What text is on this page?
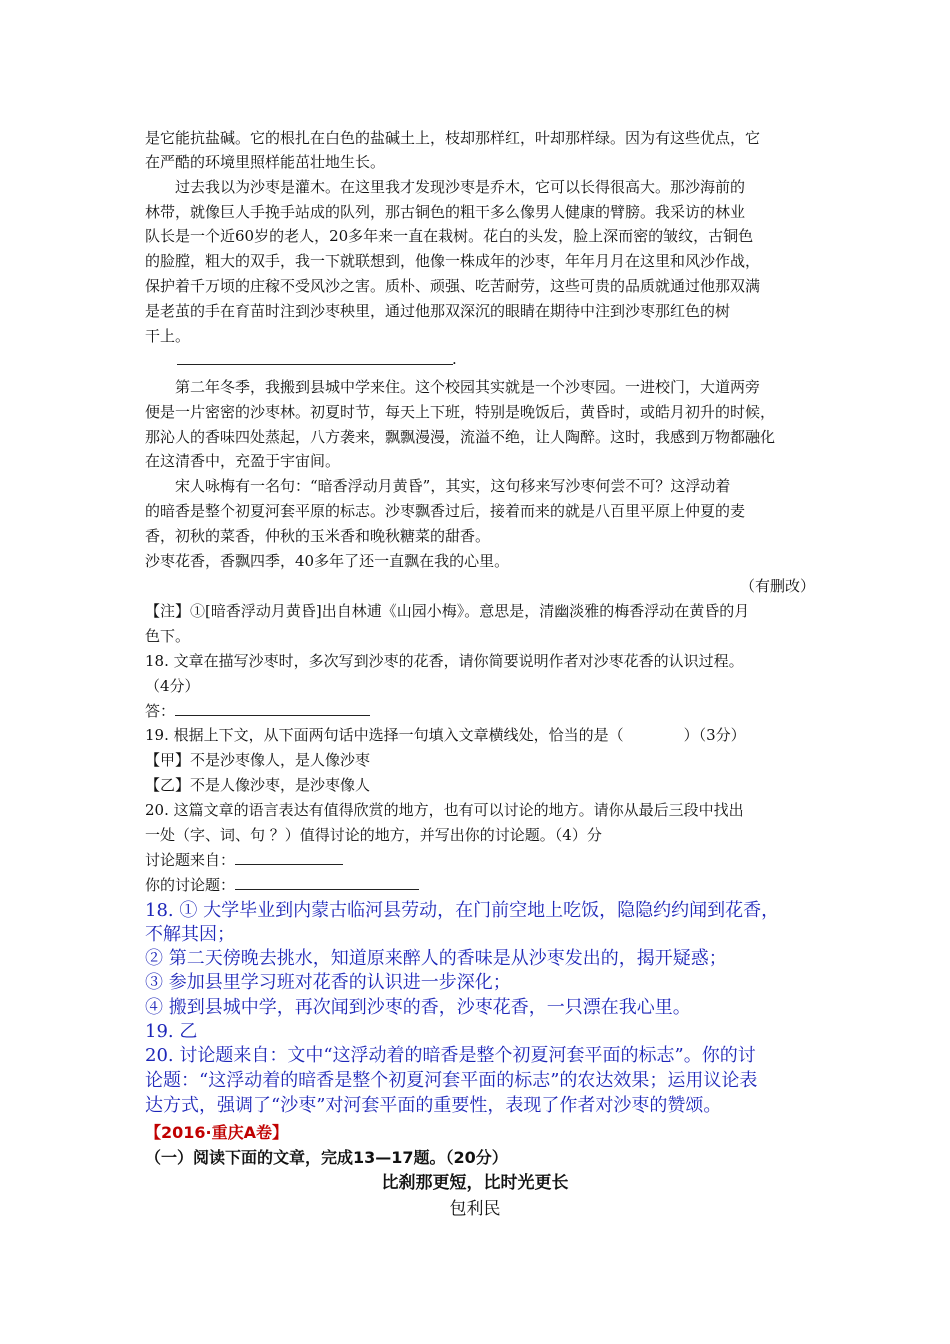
是它能抗盐碱。它的根扎在白色的盐碱土上，枝却那样红，叶却那样绿。因为有这些优点，它
在严酷的环境里照样能茁壮地生长。
过去我以为沙枣是灌木。在这里我才发现沙枣是乔木，它可以长得很高大。那沙海前的
林带，就像巨人手挽手站成的队列，那古铜色的粗干多么像男人健康的臂膀。我采访的林业
队长是一个近60岁的老人，20多年来一直在栽树。花白的头发，脸上深而密的皱纹，古铜色
的脸膛，粗大的双手，我一下就联想到，他像一株成年的沙枣，年年月月在这里和风沙作战，
保护着千万顷的庄稼不受风沙之害。质朴、顽强、吃苦耐劳，这些可贵的品质就通过他那双满
是老茧的手在育苗时注到沙枣秧里，通过他那双深沉的眼睛在期待中注到沙枣那红色的树
干上。
.
第二年冬季，我搬到县城中学来住。这个校园其实就是一个沙枣园。一进校门，大道两旁
便是一片密密的沙枣林。初夏时节，每天上下班，特别是晚饭后，黄昏时，或皓月初升的时候，
那沁人的香味四处蒸起，八方袭来，飘飘漫漫，流溢不绝，让人陶醉。这时，我感到万物都融化
在这清香中，充盈于宇宙间。
宋人咏梅有一名句：“暗香浮动月黄昏”，其实，这句移来写沙枣何尝不可？这浮动着
的暗香是整个初夏河套平原的标志。沙枣飘香过后，接着而来的就是八百里平原上仲夏的麦
香，初秋的菜香，仲秋的玉米香和晚秋糖菜的甜香。
沙枣花香，香飘四季，40多年了还一直飘在我的心里。
（有删改）
【注】①[暗香浮动月黄昏]出自林逋《山园小梅》。意思是，清幽淡雅的梅香浮动在黄昏的月
色下。
18. 文章在描写沙枣时，多次写到沙枣的花香，请你简要说明作者对沙枣花香的认识过程。
（4分）
答：
19. 根据上下文，从下面两句话中选择一句填入文章横线处，恰当的是（	）（3分）
【甲】不是沙枣像人，是人像沙枣
【乙】不是人像沙枣，是沙枣像人
20. 这篇文章的语言表达有值得欣赏的地方，也有可以讨论的地方。请你从最后三段中找出
一处（字、词、句 ？）值得讨论的地方，并写出你的讨论题。（4）分
讨论题来自：
你的讨论题：
18. ① 大学毕业到内蒙古临河县劳动，在门前空地上吃饭，隐隐约约闻到花香，
不解其因；
② 第二天傍晚去挑水，知道原来醉人的香味是从沙枣发出的，揭开疑惑；
③ 参加县里学习班对花香的认识进一步深化；
④ 搬到县城中学，再次闻到沙枣的香，沙枣花香，一只漂在我心里。
19. 乙
20. 讨论题来自：文中“这浮动着的暗香是整个初夏河套平面的标志”。你的讨
论题：“这浮动着的暗香是整个初夏河套平面的标志”的农达效果；运用议论表
达方式，强调了“沙枣”对河套平面的重要性，表现了作者对沙枣的赞颂。
【2016·重庆A卷】
（一）阅读下面的文章，完成13—17题。（20分）
比刹那更短，比时光更长
包利民
